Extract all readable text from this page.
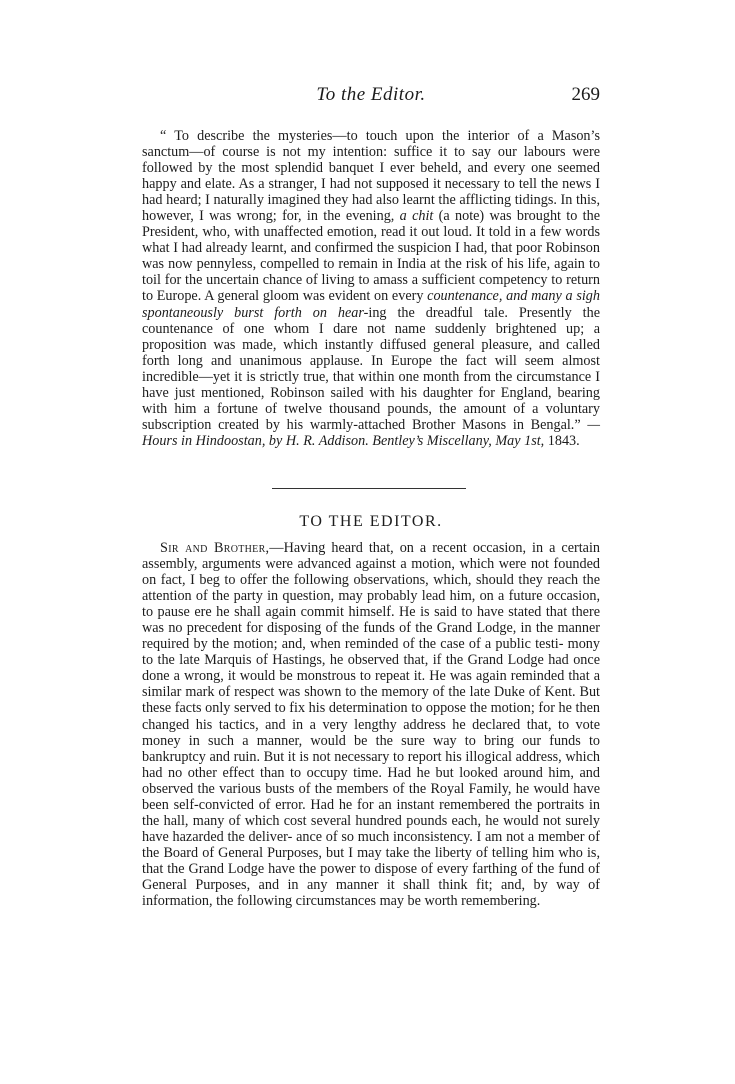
To the Editor.	269

“ To describe the mysteries—to touch upon the interior of a Mason’s sanctum—of course is not my intention: suffice it to say our labours were followed by the most splendid banquet I ever beheld, and every one seemed happy and elate. As a stranger, I had not supposed it necessary to tell the news I had heard; I naturally imagined they had also learnt the afflicting tidings. In this, however, I was wrong; for, in the evening, a chit (a note) was brought to the President, who, with unaffected emotion, read it out loud. It told in a few words what I had already learnt, and confirmed the suspicion I had, that poor Robinson was now pennyless, compelled to remain in India at the risk of his life, again to toil for the uncertain chance of living to amass a sufficient competency to return to Europe. A general gloom was evident on every countenance, and many a sigh spontaneously burst forth on hear-ing the dreadful tale. Presently the countenance of one whom I dare not name suddenly brightened up; a proposition was made, which instantly diffused general pleasure, and called forth long and unanimous applause. In Europe the fact will seem almost incredible—yet it is strictly true, that within one month from the circumstance I have just mentioned, Robinson sailed with his daughter for England, bearing with him a fortune of twelve thousand pounds, the amount of a voluntary subscription created by his warmly-attached Brother Masons in Bengal.” —Hours in Hindoostan, by H. R. Addison. Bentley’s Miscellany, May 1st, 1843.

TO THE EDITOR.

Sir and Brother,—Having heard that, on a recent occasion, in a certain assembly, arguments were advanced against a motion, which were not founded on fact, I beg to offer the following observations, which, should they reach the attention of the party in question, may probably lead him, on a future occasion, to pause ere he shall again commit himself. He is said to have stated that there was no precedent for disposing of the funds of the Grand Lodge, in the manner required by the motion; and, when reminded of the case of a public testi- mony to the late Marquis of Hastings, he observed that, if the Grand Lodge had once done a wrong, it would be monstrous to repeat it. He was again reminded that a similar mark of respect was shown to the memory of the late Duke of Kent. But these facts only served to fix his determination to oppose the motion; for he then changed his tactics, and in a very lengthy address he declared that, to vote money in such a manner, would be the sure way to bring our funds to bankruptcy and ruin. But it is not necessary to report his illogical address, which had no other effect than to occupy time. Had he but looked around him, and observed the various busts of the members of the Royal Family, he would have been self-convicted of error. Had he for an instant remembered the portraits in the hall, many of which cost several hundred pounds each, he would not surely have hazarded the deliver- ance of so much inconsistency. I am not a member of the Board of General Purposes, but I may take the liberty of telling him who is, that the Grand Lodge have the power to dispose of every farthing of the fund of General Purposes, and in any manner it shall think fit; and, by way of information, the following circumstances may be worth remembering.
